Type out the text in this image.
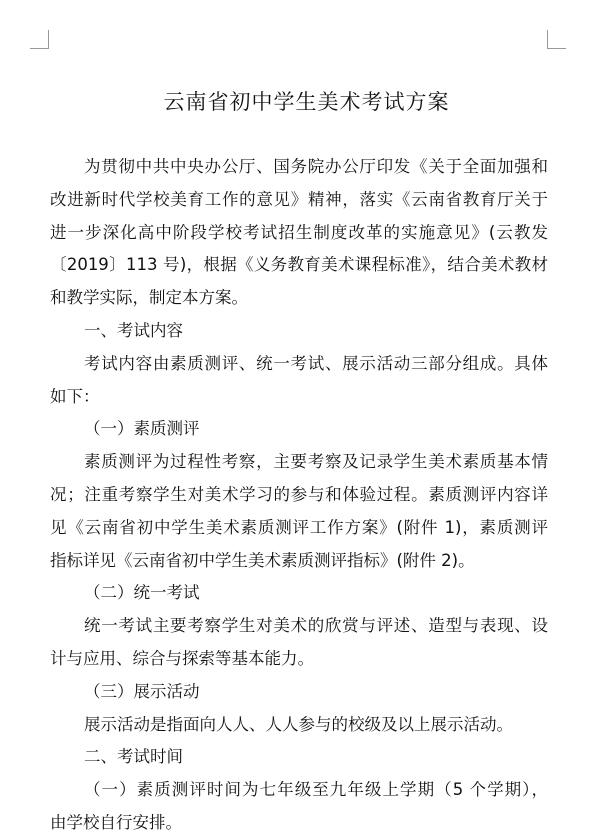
云南省初中学生美术考试方案
为贯彻中共中央办公厅、国务院办公厅印发《关于全面加强和
改进新时代学校美育工作的意见》精神，落实《云南省教育厅关于
进一步深化高中阶段学校考试招生制度改革的实施意见》(云教发
〔2019〕113 号)，根据《义务教育美术课程标准》，结合美术教材
和教学实际，制定本方案。
一、考试内容
考试内容由素质测评、统一考试、展示活动三部分组成。具体
如下：
（一）素质测评
素质测评为过程性考察，主要考察及记录学生美术素质基本情
况；注重考察学生对美术学习的参与和体验过程。素质测评内容详
见《云南省初中学生美术素质测评工作方案》(附件 1)，素质测评
指标详见《云南省初中学生美术素质测评指标》(附件 2)。
（二）统一考试
统一考试主要考察学生对美术的欣赏与评述、造型与表现、设
计与应用、综合与探索等基本能力。
（三）展示活动
展示活动是指面向人人、人人参与的校级及以上展示活动。
二、考试时间
（一）素质测评时间为七年级至九年级上学期（5 个学期），
由学校自行安排。
